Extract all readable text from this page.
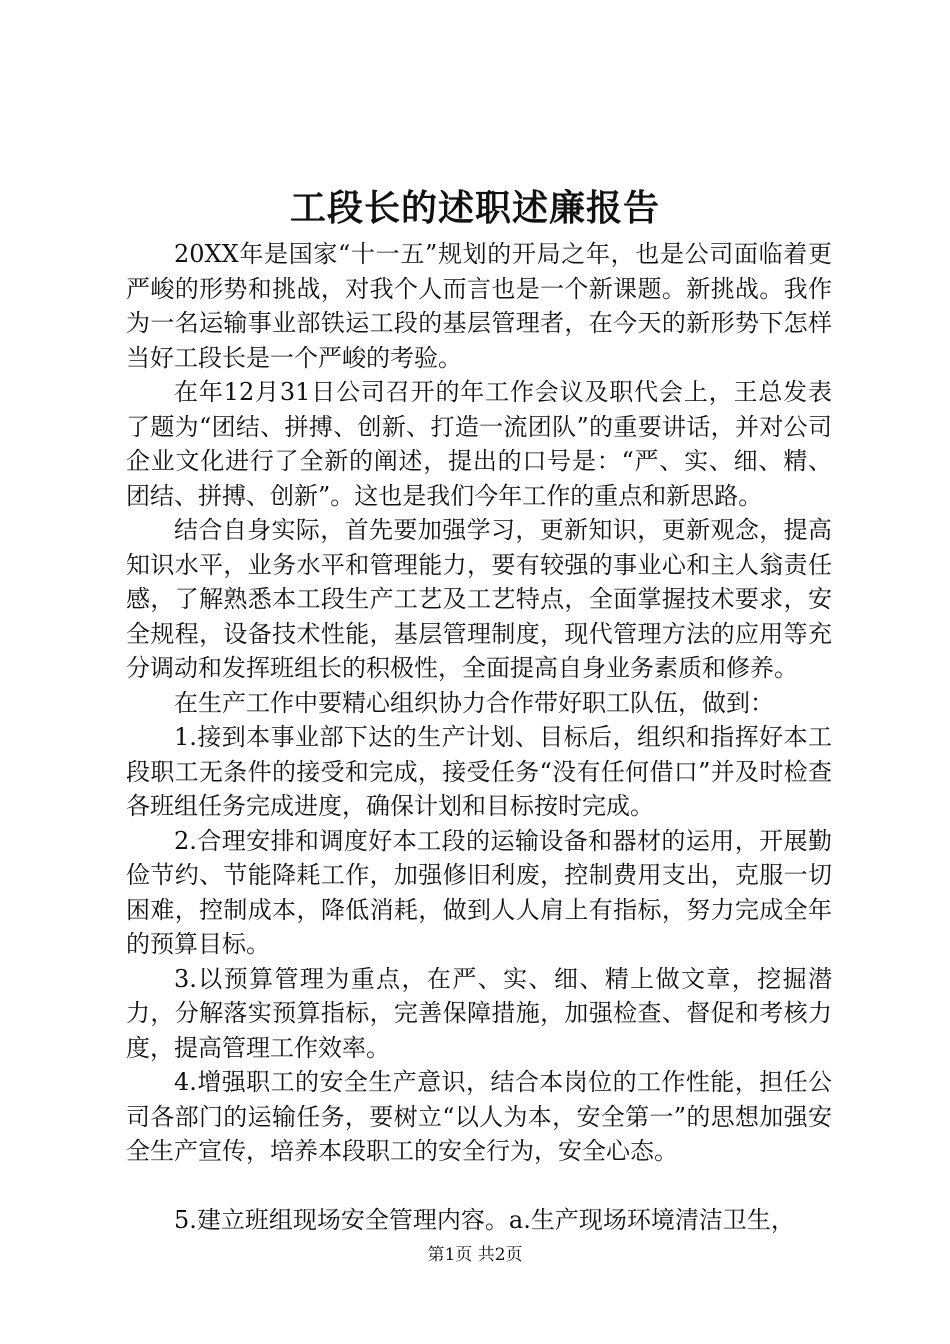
工段长的述职述廉报告

20XX年是国家“十一五”规划的开局之年，也是公司面临着更严峻的形势和挑战，对我个人而言也是一个新课题。新挑战。我作为一名运输事业部铁运工段的基层管理者，在今天的新形势下怎样当好工段长是一个严峻的考验。

在年12月31日公司召开的年工作会议及职代会上，王总发表了题为“团结、拼搏、创新、打造一流团队”的重要讲话，并对公司企业文化进行了全新的阐述，提出的口号是：“严、实、细、精、团结、拼搏、创新”。这也是我们今年工作的重点和新思路。

结合自身实际，首先要加强学习，更新知识，更新观念，提高知识水平，业务水平和管理能力，要有较强的事业心和主人翁责任感，了解熟悉本工段生产工艺及工艺特点，全面掌握技术要求，安全规程，设备技术性能，基层管理制度，现代管理方法的应用等充分调动和发挥班组长的积极性，全面提高自身业务素质和修养。

在生产工作中要精心组织协力合作带好职工队伍，做到：

1.接到本事业部下达的生产计划、目标后，组织和指挥好本工段职工无条件的接受和完成，接受任务“没有任何借口”并及时检查各班组任务完成进度，确保计划和目标按时完成。

2.合理安排和调度好本工段的运输设备和器材的运用，开展勤俭节约、节能降耗工作，加强修旧利废，控制费用支出，克服一切困难，控制成本，降低消耗，做到人人肩上有指标，努力完成全年的预算目标。

3.以预算管理为重点，在严、实、细、精上做文章，挖掘潜力，分解落实预算指标，完善保障措施，加强检查、督促和考核力度，提高管理工作效率。

4.增强职工的安全生产意识，结合本岗位的工作性能，担任公司各部门的运输任务，要树立“以人为本，安全第一”的思想加强安全生产宣传，培养本段职工的安全行为，安全心态。

5.建立班组现场安全管理内容。a.生产现场环境清洁卫生，

第1页 共2页
